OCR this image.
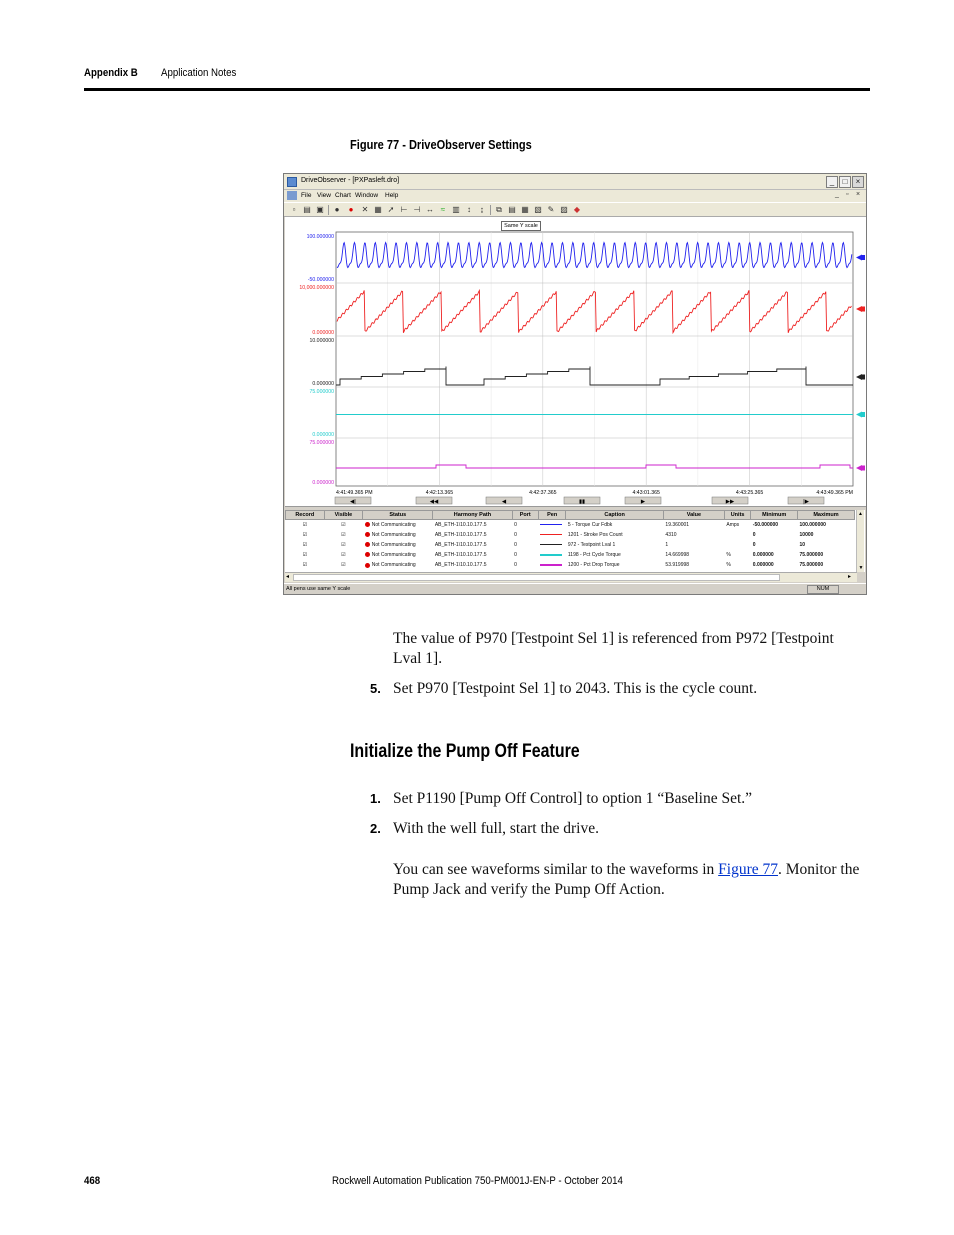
Appendix B Application Notes
Figure 77 - DriveObserver Settings
DriveObserver - [PXPasleft.dro]	_	□	×
File View Chart Window Help	_ ▫ ×
▫ ▤ ▣	●	●	✕ ▦ ➚ ⊢ ⊣ ↔ ≈ ▥ ↕	↨	⧉ ▤ ▦ ▧ ✎ ▨ ◆
100.000000
-50.000000
10,000.000000
0.000000
10.000000
0.000000
75.000000
0.000000
75.000000
0.000000
4:41:49.365 PM	4:42:13.365	4:42:37.365	4:43:01.365	4:43:25.365	4:43:49.365 PM
◀|	◀◀	◀	▮▮	▶	▶▶	|▶
Same Y scale
Record	Visible	Status	Harmony Path	Port	Pen	Caption	Value	Units	Minimum	Maximum
☑	☑	Not Communicating	AB_ETH-1\10.10.177.5	0		5 - Torque Cur Fdbk	19.360001	Amps	-50.000000	100.000000
☑	☑	Not Communicating	AB_ETH-1\10.10.177.5	0		1201 - Stroke Pos Count	4310		0	10000
☑	☑	Not Communicating	AB_ETH-1\10.10.177.5	0		972 - Testpoint Lval 1	1		0	10
☑	☑	Not Communicating	AB_ETH-1\10.10.177.5	0		1198 - Pct Cycle Torque	14.669998	%	0.000000	75.000000
☑	☑	Not Communicating	AB_ETH-1\10.10.177.5	0		1200 - Pct Drop Torque	53.919998	%	0.000000	75.000000
▲
▼
◂	▸
All pens use same Y scale	NUM
The value of P970 [Testpoint Sel 1] is referenced from P972 [Testpoint Lval 1].
5. Set P970 [Testpoint Sel 1] to 2043. This is the cycle count.
Initialize the Pump Off Feature
1. Set P1190 [Pump Off Control] to option 1 “Baseline Set.”
2. With the well full, start the drive.
You can see waveforms similar to the waveforms in Figure 77. Monitor the Pump Jack and verify the Pump Off Action.
468	Rockwell Automation Publication 750-PM001J-EN-P - October 2014
